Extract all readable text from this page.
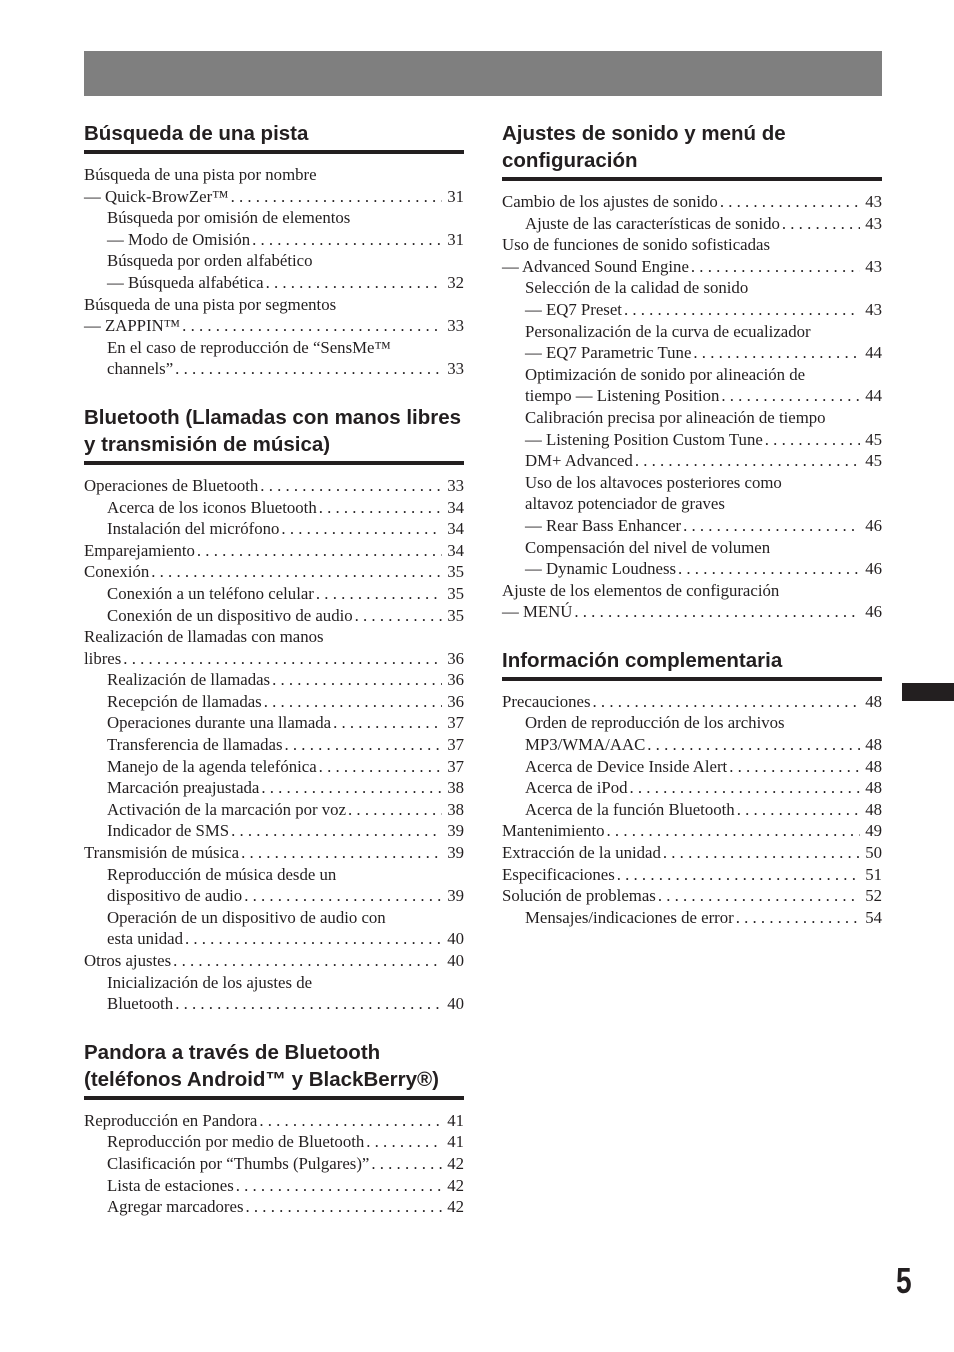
Búsqueda de una pista
Búsqueda de una pista por nombre
— Quick-BrowZer™ . . .	31
Búsqueda por omisión de elementos
— Modo de Omisión . . .	31
Búsqueda por orden alfabético
— Búsqueda alfabética . . .	32
Búsqueda de una pista por segmentos
— ZAPPIN™ . . .	33
En el caso de reproducción de “SensMe™
channels” . . .	33
Bluetooth (Llamadas con manos libres y transmisión de música)
Operaciones de Bluetooth . . .	33
Acerca de los iconos Bluetooth . . .	34
Instalación del micrófono . . .	34
Emparejamiento . . .	34
Conexión . . .	35
Conexión a un teléfono celular . . .	35
Conexión de un dispositivo de audio . . .	35
Realización de llamadas con manos
libres . . .	36
Realización de llamadas . . .	36
Recepción de llamadas . . .	36
Operaciones durante una llamada . . .	37
Transferencia de llamadas . . .	37
Manejo de la agenda telefónica . . .	37
Marcación preajustada . . .	38
Activación de la marcación por voz . . .	38
Indicador de SMS . . .	39
Transmisión de música . . .	39
Reproducción de música desde un
dispositivo de audio . . .	39
Operación de un dispositivo de audio con
esta unidad . . .	40
Otros ajustes . . .	40
Inicialización de los ajustes de
Bluetooth . . .	40
Pandora a través de Bluetooth (teléfonos Android™ y BlackBerry®)
Reproducción en Pandora . . .	41
Reproducción por medio de Bluetooth . . .	41
Clasificación por “Thumbs (Pulgares)” . . .	42
Lista de estaciones . . .	42
Agregar marcadores . . .	42
Ajustes de sonido y menú de configuración
Cambio de los ajustes de sonido . . .	43
Ajuste de las características de sonido . . .	43
Uso de funciones de sonido sofisticadas
— Advanced Sound Engine . . .	43
Selección de la calidad de sonido
— EQ7 Preset . . .	43
Personalización de la curva de ecualizador
— EQ7 Parametric Tune . . .	44
Optimización de sonido por alineación de
tiempo — Listening Position . . .	44
Calibración precisa por alineación de tiempo
— Listening Position Custom Tune . . .	45
DM+ Advanced . . .	45
Uso de los altavoces posteriores como
altavoz potenciador de graves
— Rear Bass Enhancer . . .	46
Compensación del nivel de volumen
— Dynamic Loudness . . .	46
Ajuste de los elementos de configuración
— MENÚ . . .	46
Información complementaria
Precauciones . . .	48
Orden de reproducción de los archivos
MP3/WMA/AAC . . .	48
Acerca de Device Inside Alert . . .	48
Acerca de iPod . . .	48
Acerca de la función Bluetooth . . .	48
Mantenimiento . . .	49
Extracción de la unidad . . .	50
Especificaciones . . .	51
Solución de problemas . . .	52
Mensajes/indicaciones de error . . .	54
5
